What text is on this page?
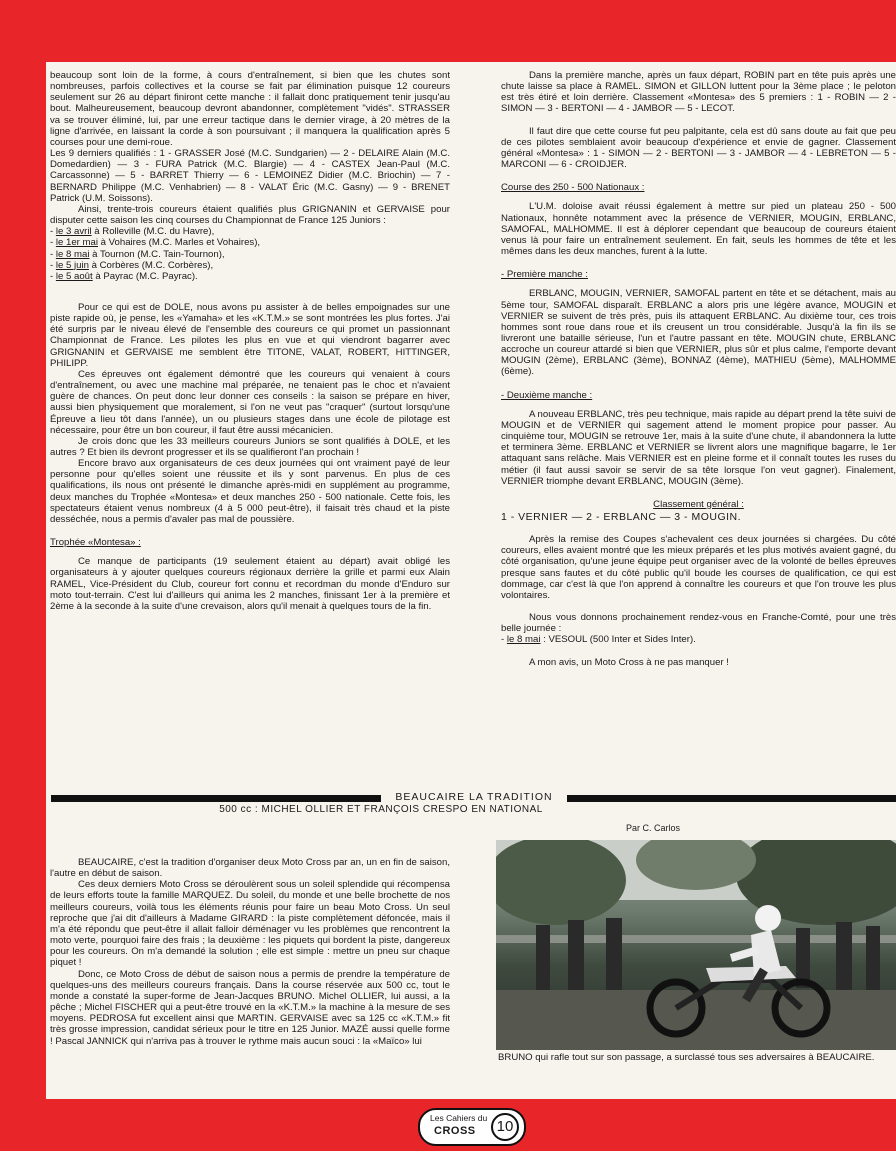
beaucoup sont loin de la forme, à cours d'entraînement, si bien que les chutes sont nombreuses, parfois collectives et la course se fait par élimination puisque 12 coureurs seulement sur 26 au départ finiront cette manche : il fallait donc pratiquement tenir jusqu'au bout. Malheureusement, beaucoup devront abandonner, complètement "vidés". STRASSER va se trouver éliminé, lui, par une erreur tactique dans le dernier virage, à 20 mètres de la ligne d'arrivée, en laissant la corde à son poursuivant ; il manquera la qualification après 5 courses pour une demi-roue.

Les 9 derniers qualifiés : 1 - GRASSER José (M.C. Sundgarien) — 2 - DELAIRE Alain (M.C. Domedardien) — 3 - FURA Patrick (M.C. Blargie) — 4 - CASTEX Jean-Paul (M.C. Carcassonne) — 5 - BARRET Thierry — 6 - LEMOINEZ Didier (M.C. Briochin) — 7 - BERNARD Philippe (M.C. Venhabrien) — 8 - VALAT Éric (M.C. Gasny) — 9 - BRENET Patrick (U.M. Soissons).

Ainsi, trente-trois coureurs étaient qualifiés plus GRIGNANIN et GERVAISE pour disputer cette saison les cinq courses du Championnat de France 125 Juniors :

- le 3 avril à Rolleville (M.C. du Havre),
- le 1er mai à Vohaires (M.C. Marles et Vohaires),
- le 8 mai à Tournon (M.C. Tain-Tournon),
- le 5 juin à Corbères (M.C. Corbères),
- le 5 août à Payrac (M.C. Payrac).

Pour ce qui est de DOLE, nous avons pu assister à de belles empoignades sur une piste rapide où, je pense, les «Yamaha» et les «K.T.M.» se sont montrées les plus fortes. J'ai été surpris par le niveau élevé de l'ensemble des coureurs ce qui promet un passionnant Championnat de France. Les pilotes les plus en vue et qui viendront bagarrer avec GRIGNANIN et GERVAISE me semblent être TITONE, VALAT, ROBERT, HITTINGER, PHILIPP.

Ces épreuves ont également démontré que les coureurs qui venaient à cours d'entraînement, ou avec une machine mal préparée, ne tenaient pas le choc et n'avaient guère de chances. On peut donc leur donner ces conseils : la saison se prépare en hiver, aussi bien physiquement que moralement, si l'on ne veut pas "craquer" (surtout lorsqu'une Épreuve a lieu tôt dans l'année), un ou plusieurs stages dans une école de pilotage est nécessaire, pour être un bon coureur, il faut être aussi mécanicien.

Je crois donc que les 33 meilleurs coureurs Juniors se sont qualifiés à DOLE, et les autres ? Et bien ils devront progresser et ils se qualifieront l'an prochain !

Encore bravo aux organisateurs de ces deux journées qui ont vraiment payé de leur personne pour qu'elles soient une réussite et ils y sont parvenus. En plus de ces qualifications, ils nous ont présenté le dimanche après-midi en supplément au programme, deux manches du Trophée «Montesa» et deux manches 250 - 500 nationale. Cette fois, les spectateurs étaient venus nombreux (4 à 5 000 peut-être), il faisait très chaud et la piste desséchée, nous a permis d'avaler pas mal de poussière.

Trophée «Montesa» :

Ce manque de participants (19 seulement étaient au départ) avait obligé les organisateurs à y ajouter quelques coureurs régionaux derrière la grille et parmi eux Alain RAMEL, Vice-Président du Club, coureur fort connu et recordman du monde d'Enduro sur moto tout-terrain. C'est lui d'ailleurs qui anima les 2 manches, finissant 1er à la première et 2ème à la seconde à la suite d'une crevaison, alors qu'il menait à quelques tours de la fin.

Dans la première manche, après un faux départ, ROBIN part en tête puis après une chute laisse sa place à RAMEL. SIMON et GILLON luttent pour la 3ème place ; le peloton est très étiré et loin derrière. Classement «Montesa» des 5 premiers : 1 - ROBIN — 2 - SIMON — 3 - BERTONI — 4 - JAMBOR — 5 - LECOT.

Il faut dire que cette course fut peu palpitante, cela est dû sans doute au fait que peu de ces pilotes semblaient avoir beaucoup d'expérience et envie de gagner. Classement général «Montesa» : 1 - SIMON — 2 - BERTONI — 3 - JAMBOR — 4 - LEBRETON — 5 - MARCONI — 6 - CROIDJER.

Course des 250 - 500 Nationaux :

L'U.M. doloise avait réussi également à mettre sur pied un plateau 250 - 500 Nationaux, honnête notamment avec la présence de VERNIER, MOUGIN, ERBLANC, SAMOFAL, MALHOMME. Il est à déplorer cependant que beaucoup de coureurs étaient venus là pour faire un entraînement seulement. En fait, seuls les hommes de tête et les mêmes dans les deux manches, furent à la lutte.

- Première manche :

ERBLANC, MOUGIN, VERNIER, SAMOFAL partent en tête et se détachent, mais au 5ème tour, SAMOFAL disparaît. ERBLANC a alors pris une légère avance, MOUGIN et VERNIER se suivent de très près, puis ils attaquent ERBLANC. Au dixième tour, ces trois hommes sont roue dans roue et ils creusent un trou considérable. Jusqu'à la fin ils se livreront une bataille sérieuse, l'un et l'autre passant en tête. MOUGIN chute, ERBLANC accroche un coureur attardé si bien que VERNIER, plus sûr et plus calme, l'emporte devant MOUGIN (2ème), ERBLANC (3ème), BONNAZ (4ème), MATHIEU (5ème), MALHOMME (6ème).

- Deuxième manche :

A nouveau ERBLANC, très peu technique, mais rapide au départ prend la tête suivi de MOUGIN et de VERNIER qui sagement attend le moment propice pour passer. Au cinquième tour, MOUGIN se retrouve 1er, mais à la suite d'une chute, il abandonnera la lutte et terminera 3ème. ERBLANC et VERNIER se livrent alors une magnifique bagarre, le 1er attaquant sans relâche. Mais VERNIER est en pleine forme et il connaît toutes les ruses du métier (il faut aussi savoir se servir de sa tête lorsque l'on veut gagner). Finalement, VERNIER triomphe devant ERBLANC, MOUGIN (3ème).

Classement général :

1 - VERNIER — 2 - ERBLANC — 3 - MOUGIN.

Après la remise des Coupes s'achevalent ces deux journées si chargées. Du côté coureurs, elles avaient montré que les mieux préparés et les plus motivés avaient gagné, du côté organisation, qu'une jeune équipe peut organiser avec de la volonté de belles épreuves presque sans fautes et du côté public qu'il boude les courses de qualification, ce qui est dommage, car c'est là que l'on apprend à connaître les coureurs et que l'on trouve les plus volontaires.

Nous vous donnons prochainement rendez-vous en Franche-Comté, pour une très belle journée :

- le 8 mai : VESOUL (500 Inter et Sides Inter).

A mon avis, un Moto Cross à ne pas manquer !

BEAUCAIRE LA TRADITION
500 cc : MICHEL OLLIER ET FRANÇOIS CRESPO EN NATIONAL
Par C. Carlos

BEAUCAIRE, c'est la tradition d'organiser deux Moto Cross par an, un en fin de saison, l'autre en début de saison.

Ces deux derniers Moto Cross se déroulèrent sous un soleil splendide qui récompensa de leurs efforts toute la famille MARQUEZ. Du soleil, du monde et une belle brochette de nos meilleurs coureurs, voilà tous les éléments réunis pour faire un beau Moto Cross. Un seul reproche que j'ai dit d'ailleurs à Madame GIRARD : la piste complètement défoncée, mais il m'a été répondu que peut-être il allait falloir déménager vu les problèmes que rencontrent la moto verte, pourquoi faire des frais ; la deuxième : les piquets qui bordent la piste, dangereux pour les coureurs. On m'a demandé la solution ; elle est simple : mettre un pneu sur chaque piquet !

Donc, ce Moto Cross de début de saison nous a permis de prendre la température de quelques-uns des meilleurs coureurs français. Dans la course réservée aux 500 cc, tout le monde a constaté la super-forme de Jean-Jacques BRUNO. Michel OLLIER, lui aussi, a la pêche ; Michel FISCHER qui a peut-être trouvé en la «K.T.M.» la machine à la mesure de ses moyens. PEDROSA fut excellent ainsi que MARTIN. GERVAISE avec sa 125 cc «K.T.M.» fit très grosse impression, candidat sérieux pour le titre en 125 Junior. MAZÉ aussi quelle forme ! Pascal JANNICK qui n'arriva pas à trouver le rythme mais aucun souci : la «Maïco» lui

BRUNO qui rafle tout sur son passage, a surclassé tous ses adversaires à BEAUCAIRE.
Les Cahiers du
CROSS	10
